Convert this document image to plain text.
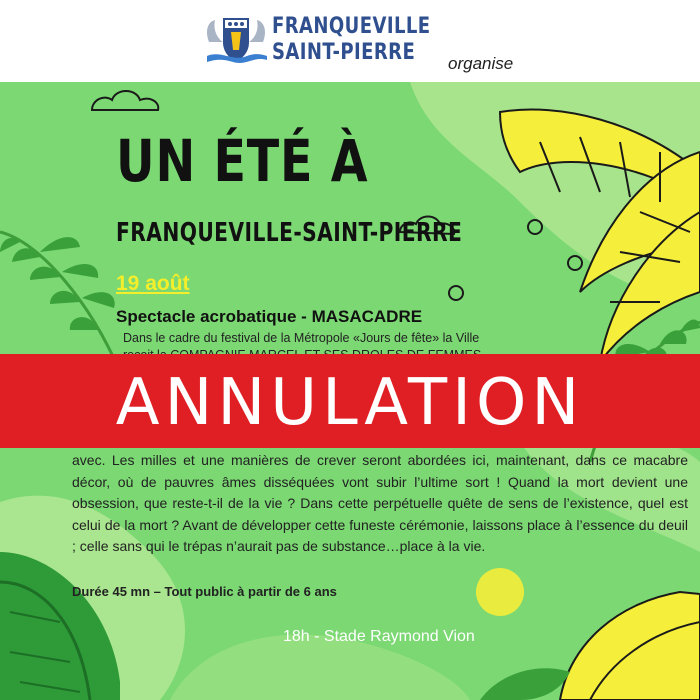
FRANQUEVILLE
SAINT-PIERRE organise
UN ÉTÉ À
FRANQUEVILLE-SAINT-PIERRE
19 août
Spectacle acrobatique - MASACADRE
Dans le cadre du festival de la Métropole «Jours de fête» la Ville
ANNULATION
avec. Les milles et une manières de crever seront abordées ici, maintenant, dans ce macabre décor, où de pauvres âmes disséquées vont subir l’ultime sort ! Quand la mort devient une obsession, que reste-t-il de la vie ? Dans cette perpétuelle quête de sens de l’existence, quel est celui de la mort ? Avant de développer cette funeste cérémonie, laissons place à l’essence du deuil ; celle sans qui le trépas n’aurait pas de substance…place à la vie.
Durée 45 mn – Tout public à partir de 6 ans
18h - Stade Raymond Vion
